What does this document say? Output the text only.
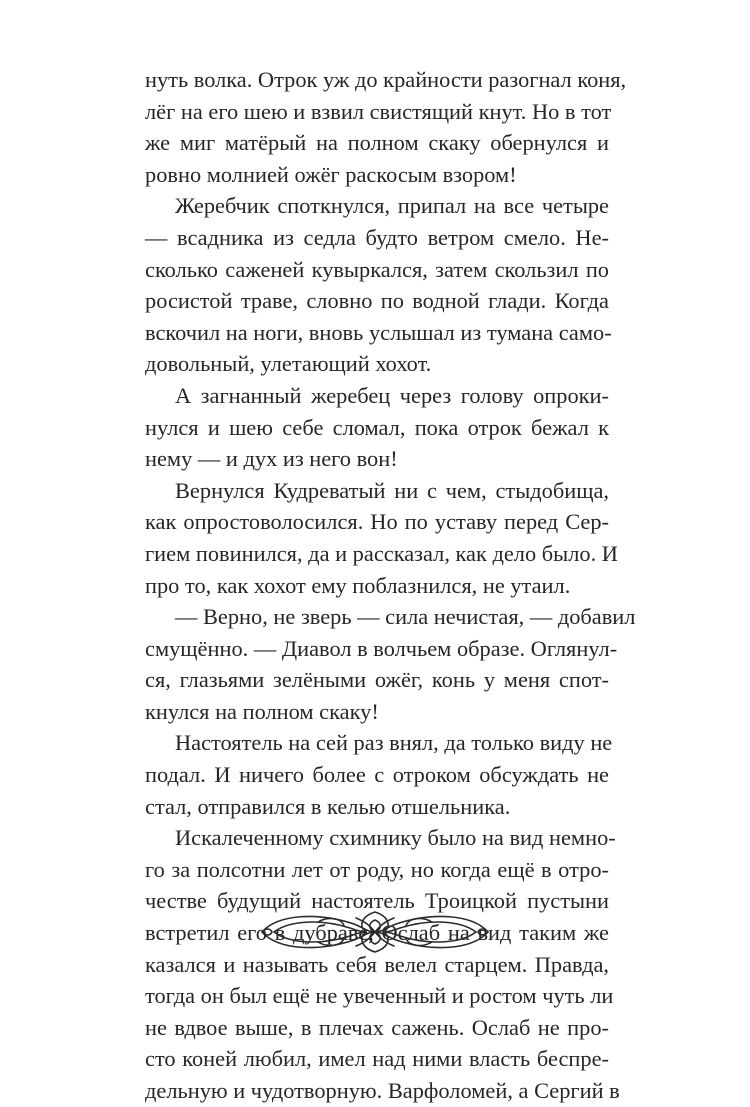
нуть волка. Отрок уж до крайности разогнал коня,
лёг на его шею и взвил свистящий кнут. Но в тот
же миг матёрый на полном скаку обернулся и
ровно молнией ожёг раскосым взором!
Жеребчик споткнулся, припал на все четыре
— всадника из седла будто ветром смело. Не-
сколько саженей кувыркался, затем скользил по
росистой траве, словно по водной глади. Когда
вскочил на ноги, вновь услышал из тумана само-
довольный, улетающий хохот.
А загнанный жеребец через голову опроки-
нулся и шею себе сломал, пока отрок бежал к
нему — и дух из него вон!
Вернулся Кудреватый ни с чем, стыдобища,
как опростоволосился. Но по уставу перед Сер-
гием повинился, да и рассказал, как дело было. И
про то, как хохот ему поблазнился, не утаил.
— Верно, не зверь — сила нечистая, — добавил
смущённо. — Диавол в волчьем образе. Оглянул-
ся, глазьями зелёными ожёг, конь у меня спот-
кнулся на полном скаку!
Настоятель на сей раз внял, да только виду не
подал. И ничего более с отроком обсуждать не
стал, отправился в келью отшельника.
Искалеченному схимнику было на вид немно-
го за полсотни лет от роду, но когда ещё в отро-
честве будущий настоятель Троицкой пустыни
встретил его в дубраве, Ослаб на вид таким же
казался и называть себя велел старцем. Правда,
тогда он был ещё не увеченный и ростом чуть ли
не вдвое выше, в плечах сажень. Ослаб не про-
сто коней любил, имел над ними власть беспре-
дельную и чудотворную. Варфоломей, а Сергий в
